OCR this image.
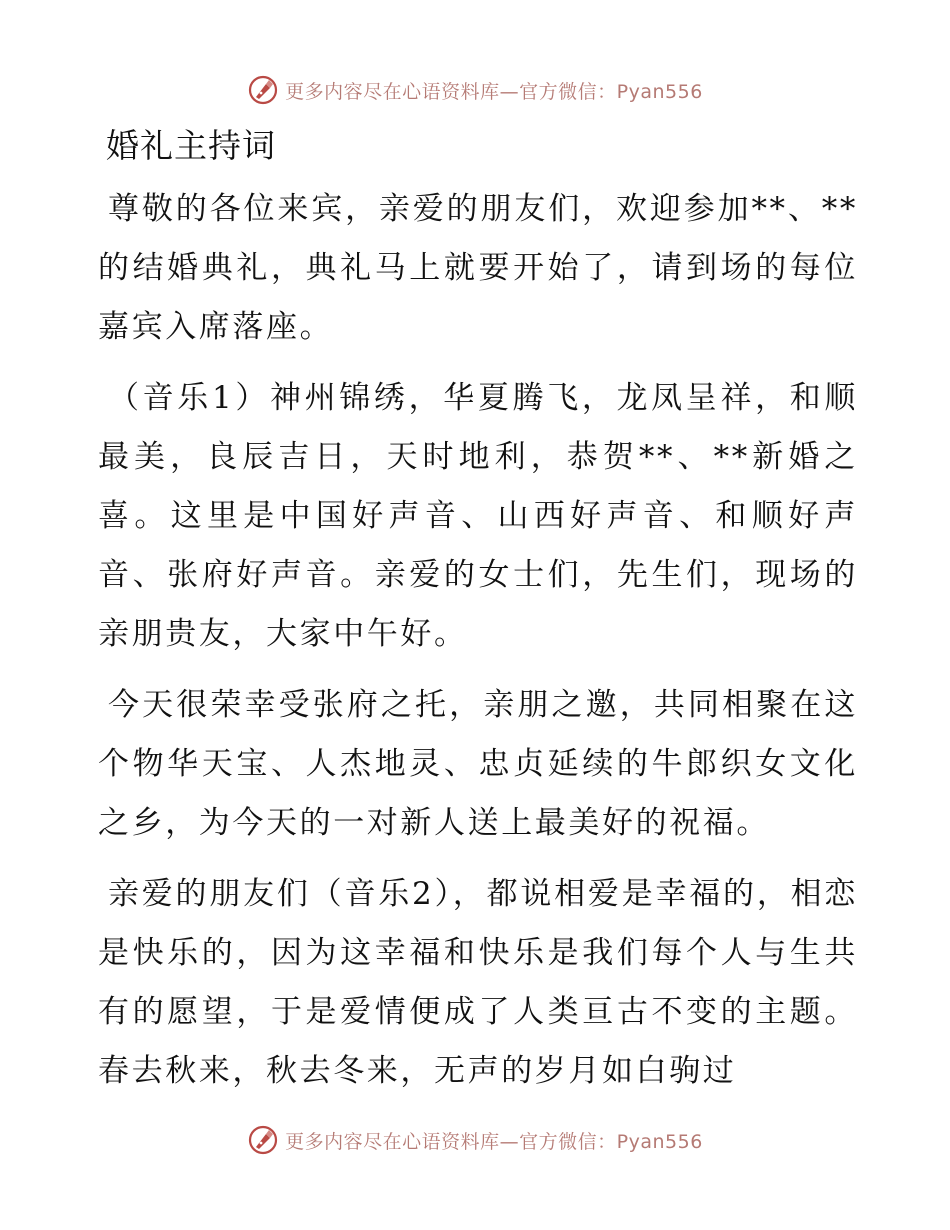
更多内容尽在心语资料库—官方微信：Pyan556
婚礼主持词

尊敬的各位来宾，亲爱的朋友们，欢迎参加**、**的结婚典礼，典礼马上就要开始了，请到场的每位嘉宾入席落座。

（音乐1）神州锦绣，华夏腾飞，龙凤呈祥，和顺最美，良辰吉日，天时地利，恭贺**、**新婚之喜。这里是中国好声音、山西好声音、和顺好声音、张府好声音。亲爱的女士们，先生们，现场的亲朋贵友，大家中午好。

今天很荣幸受张府之托，亲朋之邀，共同相聚在这个物华天宝、人杰地灵、忠贞延续的牛郎织女文化之乡，为今天的一对新人送上最美好的祝福。

亲爱的朋友们（音乐2），都说相爱是幸福的，相恋是快乐的，因为这幸福和快乐是我们每个人与生共有的愿望，于是爱情便成了人类亘古不变的主题。春去秋来，秋去冬来，无声的岁月如白驹过

更多内容尽在心语资料库—官方微信：Pyan556
